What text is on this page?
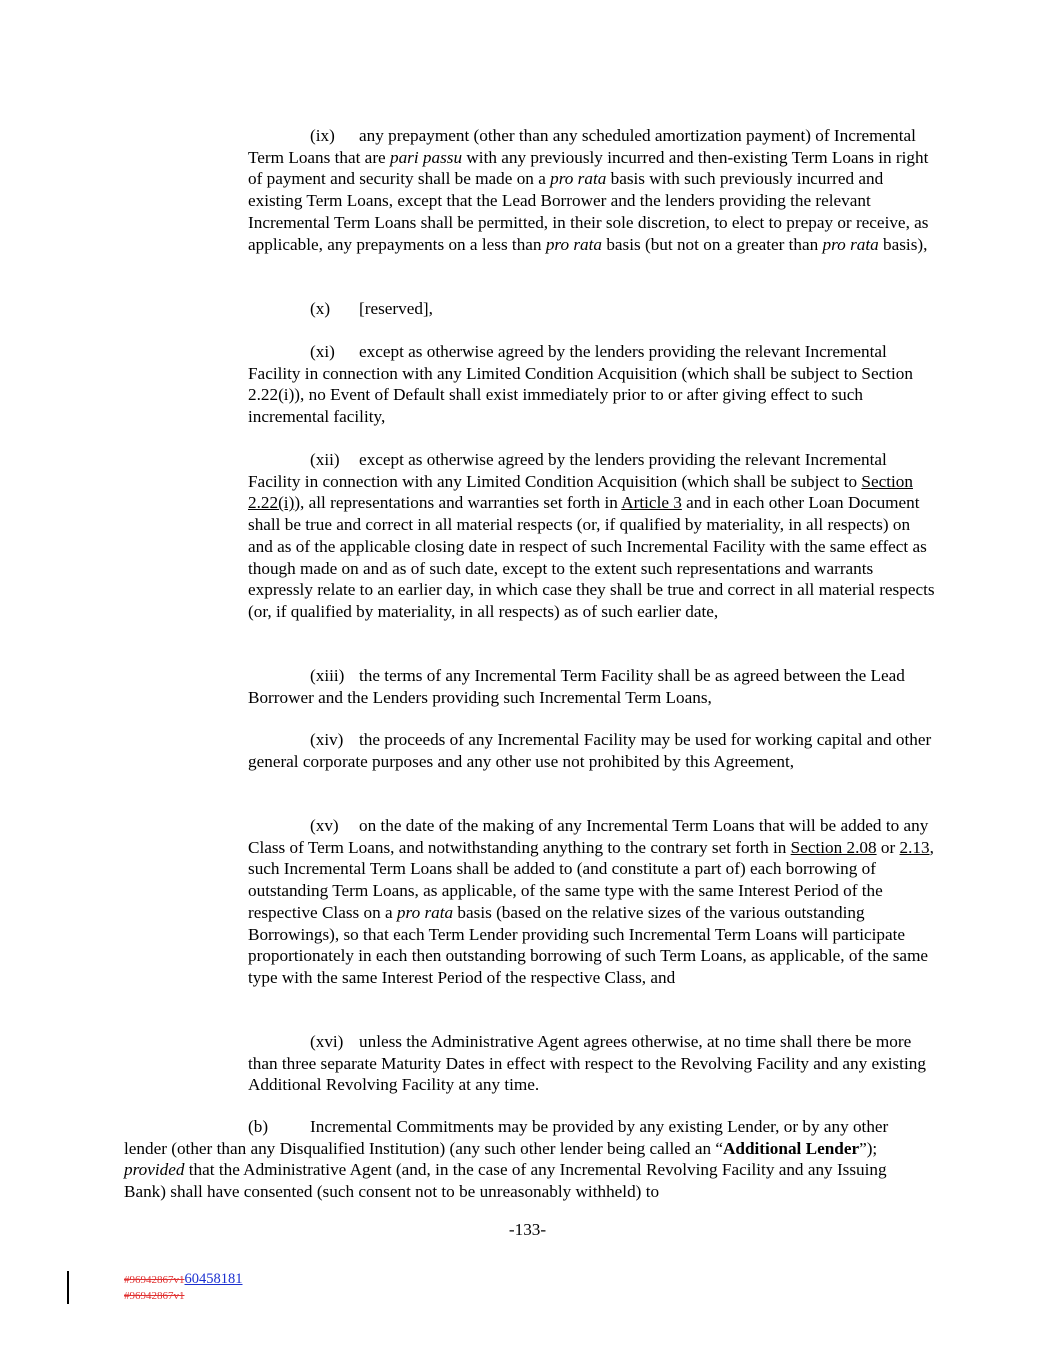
(ix) any prepayment (other than any scheduled amortization payment) of Incremental Term Loans that are pari passu with any previously incurred and then-existing Term Loans in right of payment and security shall be made on a pro rata basis with such previously incurred and existing Term Loans, except that the Lead Borrower and the lenders providing the relevant Incremental Term Loans shall be permitted, in their sole discretion, to elect to prepay or receive, as applicable, any prepayments on a less than pro rata basis (but not on a greater than pro rata basis),

(x) [reserved],

(xi) except as otherwise agreed by the lenders providing the relevant Incremental Facility in connection with any Limited Condition Acquisition (which shall be subject to Section 2.22(i)), no Event of Default shall exist immediately prior to or after giving effect to such incremental facility,

(xii) except as otherwise agreed by the lenders providing the relevant Incremental Facility in connection with any Limited Condition Acquisition (which shall be subject to Section 2.22(i)), all representations and warranties set forth in Article 3 and in each other Loan Document shall be true and correct in all material respects (or, if qualified by materiality, in all respects) on and as of the applicable closing date in respect of such Incremental Facility with the same effect as though made on and as of such date, except to the extent such representations and warrants expressly relate to an earlier day, in which case they shall be true and correct in all material respects (or, if qualified by materiality, in all respects) as of such earlier date,

(xiii) the terms of any Incremental Term Facility shall be as agreed between the Lead Borrower and the Lenders providing such Incremental Term Loans,

(xiv) the proceeds of any Incremental Facility may be used for working capital and other general corporate purposes and any other use not prohibited by this Agreement,

(xv) on the date of the making of any Incremental Term Loans that will be added to any Class of Term Loans, and notwithstanding anything to the contrary set forth in Section 2.08 or 2.13, such Incremental Term Loans shall be added to (and constitute a part of) each borrowing of outstanding Term Loans, as applicable, of the same type with the same Interest Period of the respective Class on a pro rata basis (based on the relative sizes of the various outstanding Borrowings), so that each Term Lender providing such Incremental Term Loans will participate proportionately in each then outstanding borrowing of such Term Loans, as applicable, of the same type with the same Interest Period of the respective Class, and

(xvi) unless the Administrative Agent agrees otherwise, at no time shall there be more than three separate Maturity Dates in effect with respect to the Revolving Facility and any existing Additional Revolving Facility at any time.

(b) Incremental Commitments may be provided by any existing Lender, or by any other lender (other than any Disqualified Institution) (any such other lender being called an “Additional Lender”); provided that the Administrative Agent (and, in the case of any Incremental Revolving Facility and any Issuing Bank) shall have consented (such consent not to be unreasonably withheld) to

-133-
#96942867v160458181
#96942867v1
